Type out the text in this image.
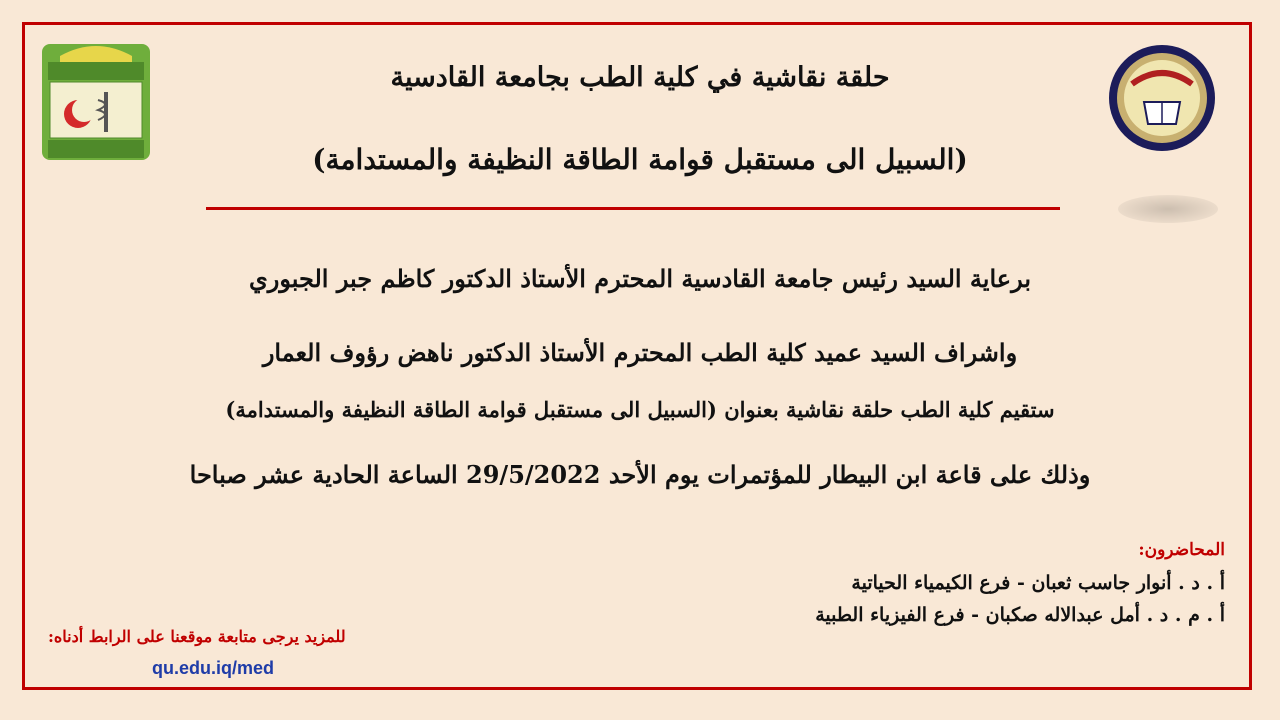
حلقة نقاشية في كلية الطب بجامعة القادسية
(السبيل الى مستقبل قوامة الطاقة النظيفة والمستدامة)
برعاية السيد رئيس جامعة القادسية المحترم الأستاذ الدكتور كاظم جبر الجبوري
واشراف السيد عميد كلية الطب المحترم الأستاذ الدكتور ناهض رؤوف العمار
ستقيم كلية الطب حلقة نقاشية بعنوان (السبيل الى مستقبل قوامة الطاقة النظيفة والمستدامة)
وذلك على قاعة ابن البيطار للمؤتمرات يوم الأحد 29/5/2022 الساعة الحادية عشر صباحا
المحاضرون:
أ . د . أنوار جاسب ثعبان - فرع الكيمياء الحياتية
أ . م . د . أمل عبدالاله صكبان - فرع الفيزياء الطبية
للمزيد يرجى متابعة موقعنا على الرابط أدناه:
qu.edu.iq/med
